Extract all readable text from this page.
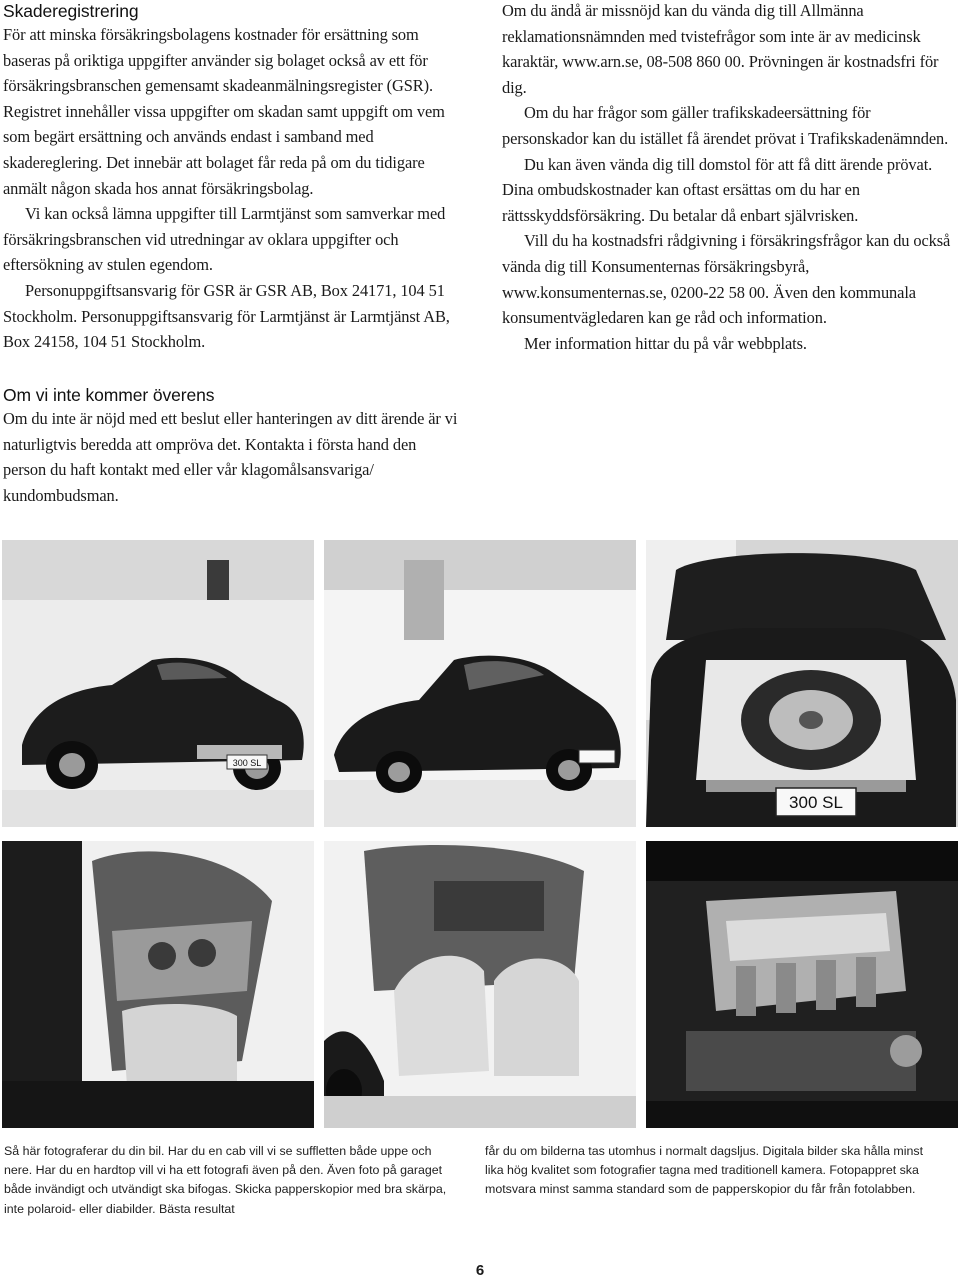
Skaderegistrering

För att minska försäkringsbolagens kostnader för ersättning som baseras på oriktiga uppgifter använder sig bolaget också av ett för försäkringsbranschen gemensamt skadeanmälningsregister (GSR). Registret innehåller vissa uppgifter om skadan samt uppgift om vem som begärt ersättning och används endast i samband med skadereglering. Det innebär att bolaget får reda på om du tidigare anmält någon skada hos annat försäkringsbolag.

Vi kan också lämna uppgifter till Larmtjänst som samverkar med försäkringsbranschen vid utredningar av oklara uppgifter och eftersökning av stulen egendom.

Personuppgiftsansvarig för GSR är GSR AB, Box 24171, 104 51 Stockholm. Personuppgiftsansvarig för Larmtjänst är Larmtjänst AB, Box 24158, 104 51 Stockholm.

Om du ändå är missnöjd kan du vända dig till Allmänna reklamationsnämnden med tvistefrågor som inte är av medicinsk karaktär, www.arn.se, 08-508 860 00. Prövningen är kostnadsfri för dig.

Om du har frågor som gäller trafikskadeersättning för personskador kan du istället få ärendet prövat i Trafikskadenämnden.

Du kan även vända dig till domstol för att få ditt ärende prövat. Dina ombudskostnader kan oftast ersättas om du har en rättsskyddsförsäkring. Du betalar då enbart självrisken.

Vill du ha kostnadsfri rådgivning i försäkringsfrågor kan du också vända dig till Konsumenternas försäkringsbyrå, www.konsumenternas.se, 0200-22 58 00. Även den kommunala konsumentvägledaren kan ge råd och information.

Mer information hittar du på vår webbplats.

Om vi inte kommer överens

Om du inte är nöjd med ett beslut eller hanteringen av ditt ärende är vi naturligtvis beredda att ompröva det. Kontakta i första hand den person du haft kontakt med eller vår klagomålsansvariga/ kundombudsman.

300 SL
300 SL

Så här fotograferar du din bil. Har du en cab vill vi se suffletten både uppe och nere. Har du en hardtop vill vi ha ett fotografi även på den. Även foto på garaget både invändigt och utvändigt ska bifogas. Skicka papperskopior med bra skärpa, inte polaroid- eller diabilder. Bästa resultat

får du om bilderna tas utomhus i normalt dagsljus. Digitala bilder ska hålla minst lika hög kvalitet som fotografier tagna med traditionell kamera. Fotopappret ska motsvara minst samma standard som de papperskopior du får från fotolabben.

6
